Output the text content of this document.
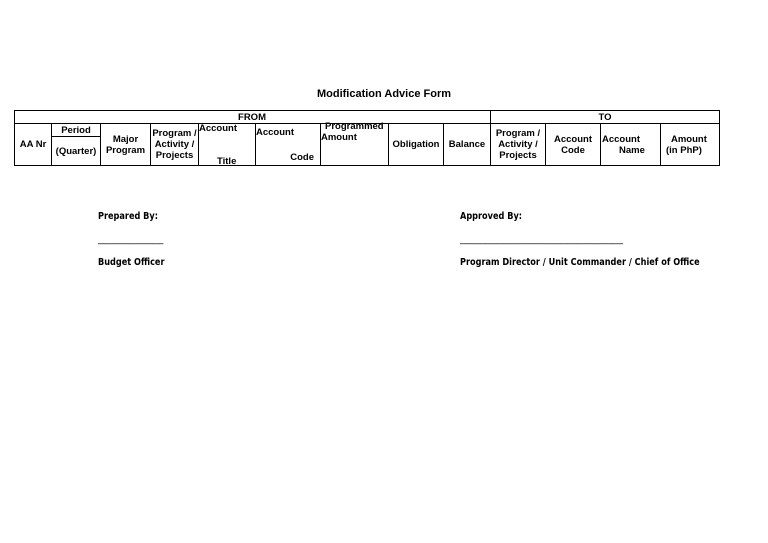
Modification Advice Form
FROM	TO
AA Nr
Period
(Quarter)
Major
Program
Program /
Activity /
Projects
Account
Title
Account
Code
Programmed
Amount
Obligation Balance
Program /
Activity /
Projects
Account
Code
Account
Name
Amount
(in PhP)
Prepared By:
________________
Budget Officer
Approved By:
____________________________________________
Program Director / Unit Commander / Chief of Office
